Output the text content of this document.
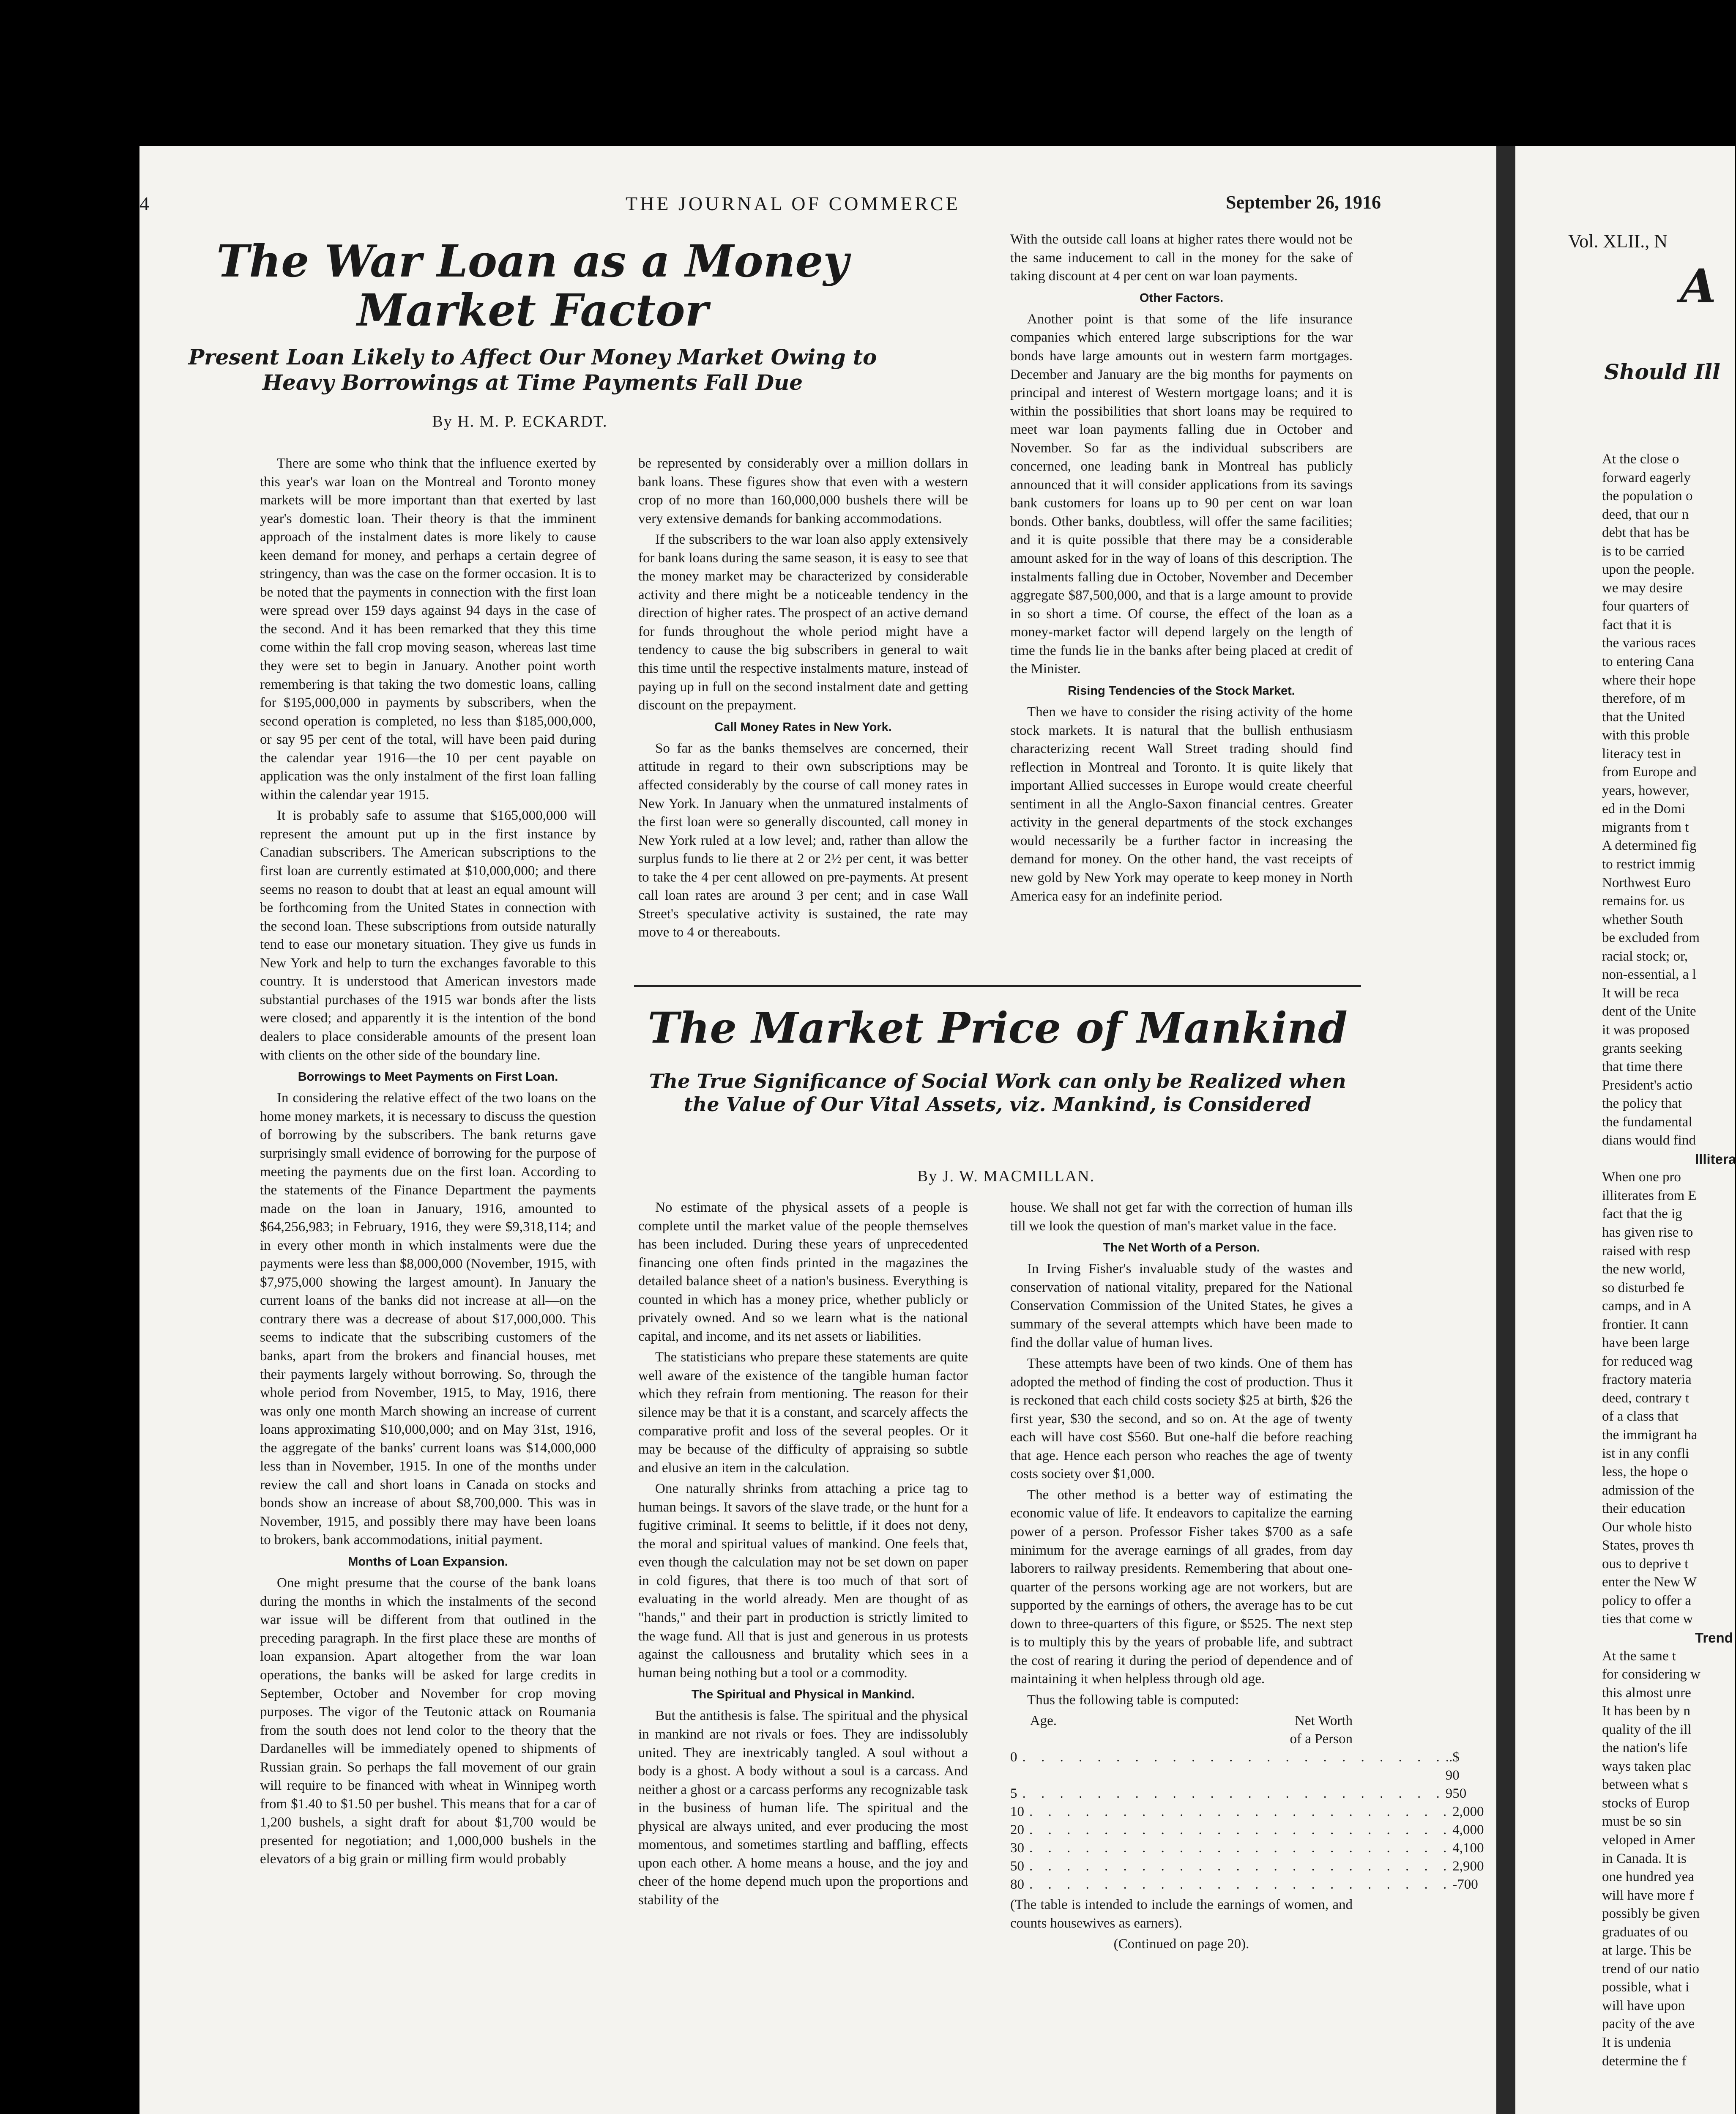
4	THE JOURNAL OF COMMERCE	September 26, 1916
The War Loan as a Money Market Factor
Present Loan Likely to Affect Our Money Market Owing to Heavy Borrowings at Time Payments Fall Due
By H. M. P. ECKARDT.

There are some who think that the influence exerted by this year's war loan on the Montreal and Toronto money markets will be more important than that exerted by last year's domestic loan. Their theory is that the imminent approach of the instalment dates is more likely to cause keen demand for money, and perhaps a certain degree of stringency, than was the case on the former occasion. It is to be noted that the payments in connection with the first loan were spread over 159 days against 94 days in the case of the second. And it has been remarked that they this time come within the fall crop moving season, whereas last time they were set to begin in January. Another point worth remembering is that taking the two domestic loans, calling for $195,000,000 in payments by subscribers, when the second operation is completed, no less than $185,000,000, or say 95 per cent of the total, will have been paid during the calendar year 1916—the 10 per cent payable on application was the only instalment of the first loan falling within the calendar year 1915.

It is probably safe to assume that $165,000,000 will represent the amount put up in the first instance by Canadian subscribers. The American subscriptions to the first loan are currently estimated at $10,000,000; and there seems no reason to doubt that at least an equal amount will be forthcoming from the United States in connection with the second loan. These subscriptions from outside naturally tend to ease our monetary situation. They give us funds in New York and help to turn the exchanges favorable to this country. It is understood that American investors made substantial purchases of the 1915 war bonds after the lists were closed; and apparently it is the intention of the bond dealers to place considerable amounts of the present loan with clients on the other side of the boundary line.

Borrowings to Meet Payments on First Loan.

In considering the relative effect of the two loans on the home money markets, it is necessary to discuss the question of borrowing by the subscribers. The bank returns gave surprisingly small evidence of borrowing for the purpose of meeting the payments due on the first loan. According to the statements of the Finance Department the payments made on the loan in January, 1916, amounted to $64,256,983; in February, 1916, they were $9,318,114; and in every other month in which instalments were due the payments were less than $8,000,000 (November, 1915, with $7,975,000 showing the largest amount). In January the current loans of the banks did not increase at all—on the contrary there was a decrease of about $17,000,000. This seems to indicate that the subscribing customers of the banks, apart from the brokers and financial houses, met their payments largely without borrowing. So, through the whole period from November, 1915, to May, 1916, there was only one month March showing an increase of current loans approximating $10,000,000; and on May 31st, 1916, the aggregate of the banks' current loans was $14,000,000 less than in November, 1915. In one of the months under review the call and short loans in Canada on stocks and bonds show an increase of about $8,700,000. This was in November, 1915, and possibly there may have been loans to brokers, bank accommodations, initial payment.

Months of Loan Expansion.

One might presume that the course of the bank loans during the months in which the instalments of the second war issue will be different from that outlined in the preceding paragraph. In the first place these are months of loan expansion. Apart altogether from the war loan operations, the banks will be asked for large credits in September, October and November for crop moving purposes. The vigor of the Teutonic attack on Roumania from the south does not lend color to the theory that the Dardanelles will be immediately opened to shipments of Russian grain. So perhaps the fall movement of our grain will require to be financed with wheat in Winnipeg worth from $1.40 to $1.50 per bushel. This means that for a car of 1,200 bushels, a sight draft for about $1,700 would be presented for negotiation; and 1,000,000 bushels in the elevators of a big grain or milling firm would probably

be represented by considerably over a million dollars in bank loans. These figures show that even with a western crop of no more than 160,000,000 bushels there will be very extensive demands for banking accommodations.

If the subscribers to the war loan also apply extensively for bank loans during the same season, it is easy to see that the money market may be characterized by considerable activity and there might be a noticeable tendency in the direction of higher rates. The prospect of an active demand for funds throughout the whole period might have a tendency to cause the big subscribers in general to wait this time until the respective instalments mature, instead of paying up in full on the second instalment date and getting discount on the prepayment.

Call Money Rates in New York.

So far as the banks themselves are concerned, their attitude in regard to their own subscriptions may be affected considerably by the course of call money rates in New York. In January when the unmatured instalments of the first loan were so generally discounted, call money in New York ruled at a low level; and, rather than allow the surplus funds to lie there at 2 or 2½ per cent, it was better to take the 4 per cent allowed on pre-payments. At present call loan rates are around 3 per cent; and in case Wall Street's speculative activity is sustained, the rate may move to 4 or thereabouts.

With the outside call loans at higher rates there would not be the same inducement to call in the money for the sake of taking discount at 4 per cent on war loan payments.

Other Factors.

Another point is that some of the life insurance companies which entered large subscriptions for the war bonds have large amounts out in western farm mortgages. December and January are the big months for payments on principal and interest of Western mortgage loans; and it is within the possibilities that short loans may be required to meet war loan payments falling due in October and November. So far as the individual subscribers are concerned, one leading bank in Montreal has publicly announced that it will consider applications from its savings bank customers for loans up to 90 per cent on war loan bonds. Other banks, doubtless, will offer the same facilities; and it is quite possible that there may be a considerable amount asked for in the way of loans of this description. The instalments falling due in October, November and December aggregate $87,500,000, and that is a large amount to provide in so short a time. Of course, the effect of the loan as a money-market factor will depend largely on the length of time the funds lie in the banks after being placed at credit of the Minister.

Rising Tendencies of the Stock Market.

Then we have to consider the rising activity of the home stock markets. It is natural that the bullish enthusiasm characterizing recent Wall Street trading should find reflection in Montreal and Toronto. It is quite likely that important Allied successes in Europe would create cheerful sentiment in all the Anglo-Saxon financial centres. Greater activity in the general departments of the stock exchanges would necessarily be a further factor in increasing the demand for money. On the other hand, the vast receipts of new gold by New York may operate to keep money in North America easy for an indefinite period.

The Market Price of Mankind
The True Significance of Social Work can only be Realized when the Value of Our Vital Assets, viz. Mankind, is Considered
By J. W. MACMILLAN.

No estimate of the physical assets of a people is complete until the market value of the people themselves has been included. During these years of unprecedented financing one often finds printed in the magazines the detailed balance sheet of a nation's business. Everything is counted in which has a money price, whether publicly or privately owned. And so we learn what is the national capital, and income, and its net assets or liabilities.

The statisticians who prepare these statements are quite well aware of the existence of the tangible human factor which they refrain from mentioning. The reason for their silence may be that it is a constant, and scarcely affects the comparative profit and loss of the several peoples. Or it may be because of the difficulty of appraising so subtle and elusive an item in the calculation.

One naturally shrinks from attaching a price tag to human beings. It savors of the slave trade, or the hunt for a fugitive criminal. It seems to belittle, if it does not deny, the moral and spiritual values of mankind. One feels that, even though the calculation may not be set down on paper in cold figures, that there is too much of that sort of evaluating in the world already. Men are thought of as "hands," and their part in production is strictly limited to the wage fund. All that is just and generous in us protests against the callousness and brutality which sees in a human being nothing but a tool or a commodity.

The Spiritual and Physical in Mankind.

But the antithesis is false. The spiritual and the physical in mankind are not rivals or foes. They are indissolubly united. They are inextricably tangled. A soul without a body is a ghost. A body without a soul is a carcass. And neither a ghost or a carcass performs any recognizable task in the business of human life. The spiritual and the physical are always united, and ever producing the most momentous, and sometimes startling and baffling, effects upon each other. A home means a house, and the joy and cheer of the home depend much upon the proportions and stability of the

house. We shall not get far with the correction of human ills till we look the question of man's market value in the face.

The Net Worth of a Person.

In Irving Fisher's invaluable study of the wastes and conservation of national vitality, prepared for the National Conservation Commission of the United States, he gives a summary of the several attempts which have been made to find the dollar value of human lives.

These attempts have been of two kinds. One of them has adopted the method of finding the cost of production. Thus it is reckoned that each child costs society $25 at birth, $26 the first year, $30 the second, and so on. At the age of twenty each will have cost $560. But one-half die before reaching that age. Hence each person who reaches the age of twenty costs society over $1,000.

The other method is a better way of estimating the economic value of life. It endeavors to capitalize the earning power of a person. Professor Fisher takes $700 as a safe minimum for the average earnings of all grades, from day laborers to railway presidents. Remembering that about one-quarter of the persons working age are not workers, but are supported by the earnings of others, the average has to be cut down to three-quarters of this figure, or $525. The next step is to multiply this by the years of probable life, and subtract the cost of rearing it during the period of dependence and of maintaining it when helpless through old age.

Thus the following table is computed:

Age.	Net Worth
of a Person
0 . . . . . . . . . . . . . . . . . . . . . . . ..$ 90
5 . . . . . . . . . . . . . . . . . . . . . . . 950
10 . . . . . . . . . . . . . . . . . . . . . . . 2,000
20 . . . . . . . . . . . . . . . . . . . . . . . 4,000
30 . . . . . . . . . . . . . . . . . . . . . . . 4,100
50 . . . . . . . . . . . . . . . . . . . . . . . 2,900
80 . . . . . . . . . . . . . . . . . . . . . . . -700

(The table is intended to include the earnings of women, and counts housewives as earners).

(Continued on page 20).

Vol. XLII., N
A
Should Ill
At the close o
forward eagerly
the population o
deed, that our n
debt that has be
is to be carried
upon the people.
we may desire
four quarters of
fact that it is
the various races
to entering Cana
where their hope
therefore, of m
that the United
with this proble
literacy test in
from Europe and
years, however,
ed in the Domi
migrants from t
A determined fig
to restrict immig
Northwest Euro
remains for. us
whether South
be excluded from
racial stock; or,
non-essential, a l
It will be reca
dent of the Unite
it was proposed
grants seeking
that time there
President's actio
the policy that
the fundamental
dians would find
Illitera
When one pro
illiterates from E
fact that the ig
has given rise to
raised with resp
the new world,
so disturbed fe
camps, and in A
frontier. It cann
have been large
for reduced wag
fractory materia
deed, contrary t
of a class that
the immigrant ha
ist in any confli
less, the hope o
admission of the
their education
Our whole histo
States, proves th
ous to deprive t
enter the New W
policy to offer a
ties that come w
Trend
At the same t
for considering w
this almost unre
It has been by n
quality of the ill
the nation's life
ways taken plac
between what s
stocks of Europ
must be so sin
veloped in Amer
in Canada. It is
one hundred yea
will have more f
possibly be given
graduates of ou
at large. This be
trend of our natio
possible, what i
will have upon
pacity of the ave
It is undenia
determine the f
